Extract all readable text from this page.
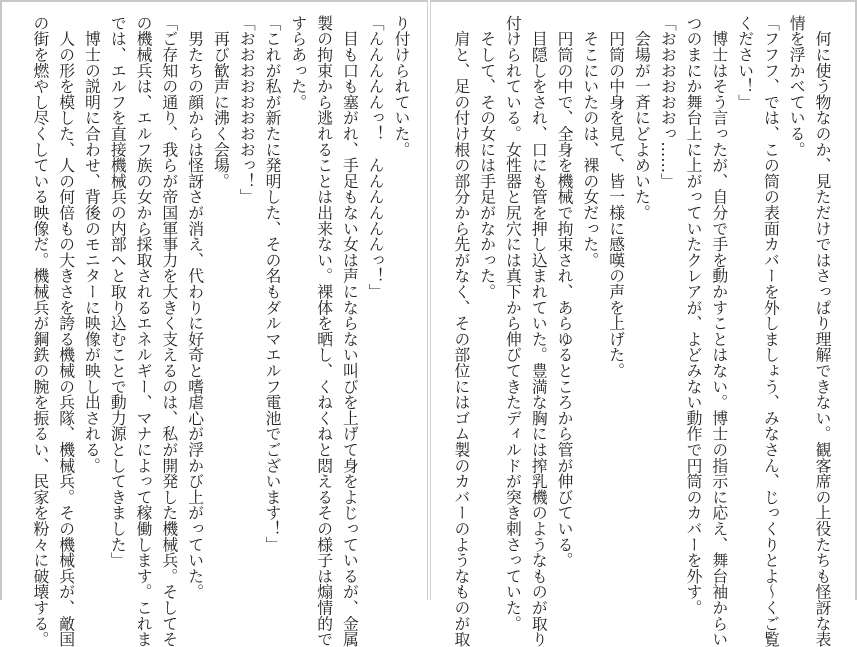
り付けられていた。
「んんんんんっ！　んんんんんんっ！」
　目も口も塞がれ、手足もない女は声にならない叫びを上げて身をよじっているが、金属
製の拘束から逃れることは出来ない。裸体を晒し、くねくねと悶えるその様子は煽情的で
すらあった。
「これが私が新たに発明した、その名もダルマエルフ電池でございます！」
「おおおおおおおおっ！」
　再び歓声に沸く会場。
　男たちの顔からは怪訝さが消え、代わりに好奇と嗜虐心が浮かび上がっていた。
「ご存知の通り、我らが帝国軍事力を大きく支えるのは、私が開発した機械兵。そしてそ
の機械兵は、エルフ族の女から採取されるエネルギー、マナによって稼働します。これま
では、エルフを直接機械兵の内部へと取り込むことで動力源としてきました」
　博士の説明に合わせ、背後のモニターに映像が映し出される。
　人の形を模した、人の何倍もの大きさを誇る機械の兵隊、機械兵。その機械兵が、敵国
の街を燃やし尽くしている映像だ。機械兵が鋼鉄の腕を振るい、民家を粉々に破壊する。	　何に使う物なのか、見ただけではさっぱり理解できない。観客席の上役たちも怪訝な表
情を浮かべている。
「フフフ、では、この筒の表面カバーを外しましょう、みなさん、じっくりとよ～くご覧
ください！」
　博士はそう言ったが、自分で手を動かすことはない。博士の指示に応え、舞台袖からい
つのまにか舞台上に上がっていたクレアが、よどみない動作で円筒のカバーを外す。
「おおおおおおっ……」
　会場が一斉にどよめいた。
　円筒の中身を見て、皆一様に感嘆の声を上げた。
　そこにいたのは、裸の女だった。
　円筒の中で、全身を機械で拘束され、あらゆるところから管が伸びている。
　目隠しをされ、口にも管を押し込まれていた。豊満な胸には搾乳機のようなものが取り
付けられている。女性器と尻穴には真下から伸びてきたディルドが突き刺さっていた。
　そして、その女には手足がなかった。
　肩と、足の付け根の部分から先がなく、その部位にはゴム製のカバーのようなものが取
